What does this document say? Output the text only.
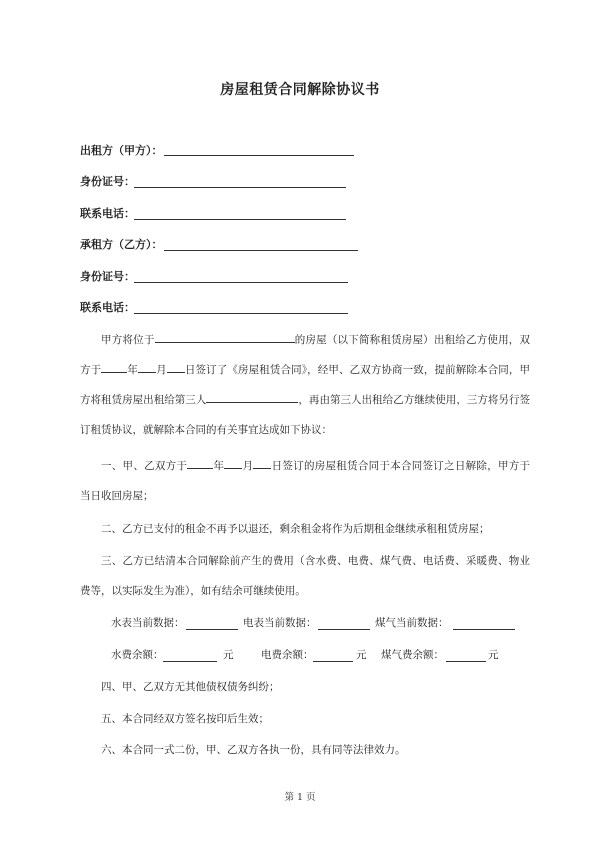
房屋租赁合同解除协议书
出租方（甲方）：
身份证号：
联系电话：
承租方（乙方）：
身份证号：
联系电话：

甲方将位于	的房屋（以下简称租赁房屋）出租给乙方使用，双方于 年 月 日签订了《房屋租赁合同》，经甲、乙双方协商一致，提前解除本合同，甲方将租赁房屋出租给第三人	，再由第三人出租给乙方继续使用，三方将另行签订租赁协议，就解除本合同的有关事宜达成如下协议：

一、甲、乙双方于 年 月 日签订的房屋租赁合同于本合同签订之日解除，甲方于当日收回房屋；

二、乙方已支付的租金不再予以退还，剩余租金将作为后期租金继续承租租赁房屋；

三、乙方已结清本合同解除前产生的费用（含水费、电费、煤气费、电话费、采暖费、物业费等，以实际发生为准），如有结余可继续使用。

水表当前数据：	电表当前数据：	煤气当前数据：
水费余额：	元	电费余额：	元 煤气费余额：	元

四、甲、乙双方无其他债权债务纠纷；

五、本合同经双方签名按印后生效；

六、本合同一式二份，甲、乙双方各执一份，具有同等法律效力。

第 1 页
